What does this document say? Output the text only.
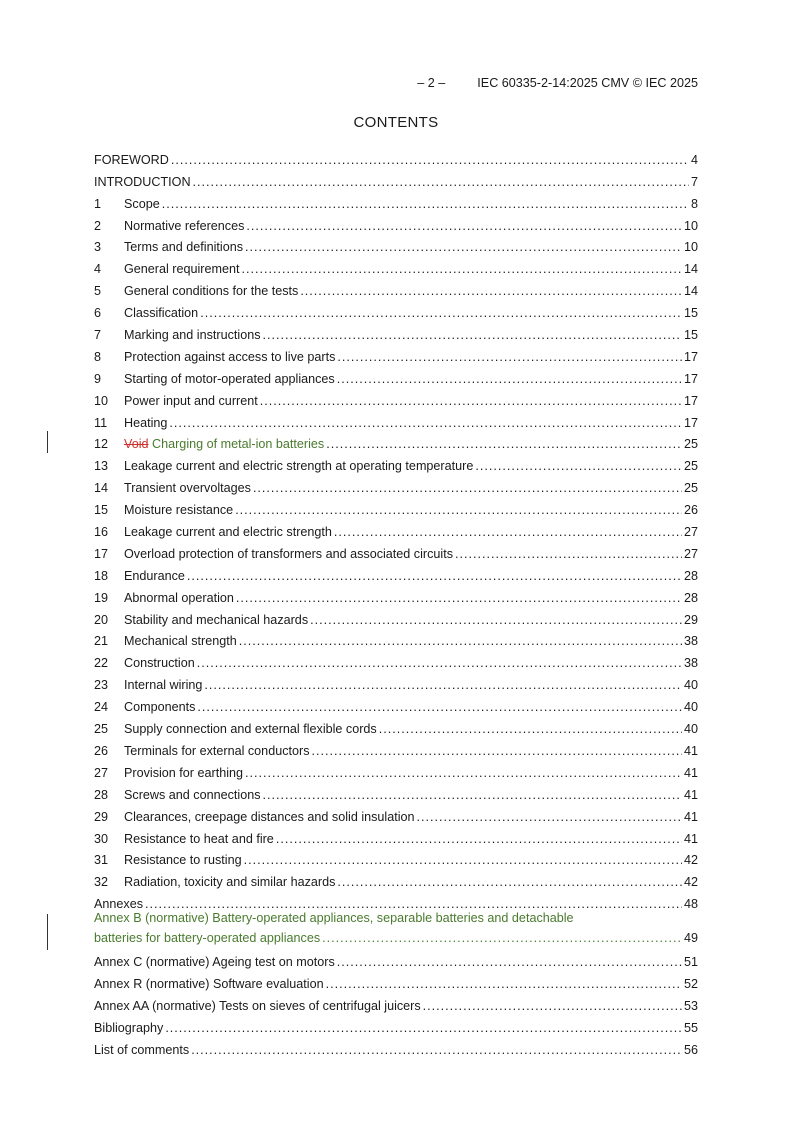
– 2 –	IEC 60335-2-14:2025 CMV © IEC 2025
CONTENTS
FOREWORD .....	4
INTRODUCTION .....	7
1	Scope .....	8
2	Normative references .....	10
3	Terms and definitions .....	10
4	General requirement .....	14
5	General conditions for the tests .....	14
6	Classification .....	15
7	Marking and instructions .....	15
8	Protection against access to live parts .....	17
9	Starting of motor-operated appliances .....	17
10	Power input and current .....	17
11	Heating .....	17
12	Void Charging of metal-ion batteries .....	25
13	Leakage current and electric strength at operating temperature .....	25
14	Transient overvoltages .....	25
15	Moisture resistance .....	26
16	Leakage current and electric strength .....	27
17	Overload protection of transformers and associated circuits .....	27
18	Endurance .....	28
19	Abnormal operation .....	28
20	Stability and mechanical hazards .....	29
21	Mechanical strength .....	38
22	Construction .....	38
23	Internal wiring .....	40
24	Components .....	40
25	Supply connection and external flexible cords .....	40
26	Terminals for external conductors .....	41
27	Provision for earthing .....	41
28	Screws and connections .....	41
29	Clearances, creepage distances and solid insulation .....	41
30	Resistance to heat and fire .....	41
31	Resistance to rusting .....	42
32	Radiation, toxicity and similar hazards .....	42
Annexes .....	48
Annex B (normative) Battery-operated appliances, separable batteries and detachable
batteries for battery-operated appliances .....	49
Annex C (normative) Ageing test on motors .....	51
Annex R (normative) Software evaluation .....	52
Annex AA (normative) Tests on sieves of centrifugal juicers .....	53
Bibliography .....	55
List of comments .....	56
